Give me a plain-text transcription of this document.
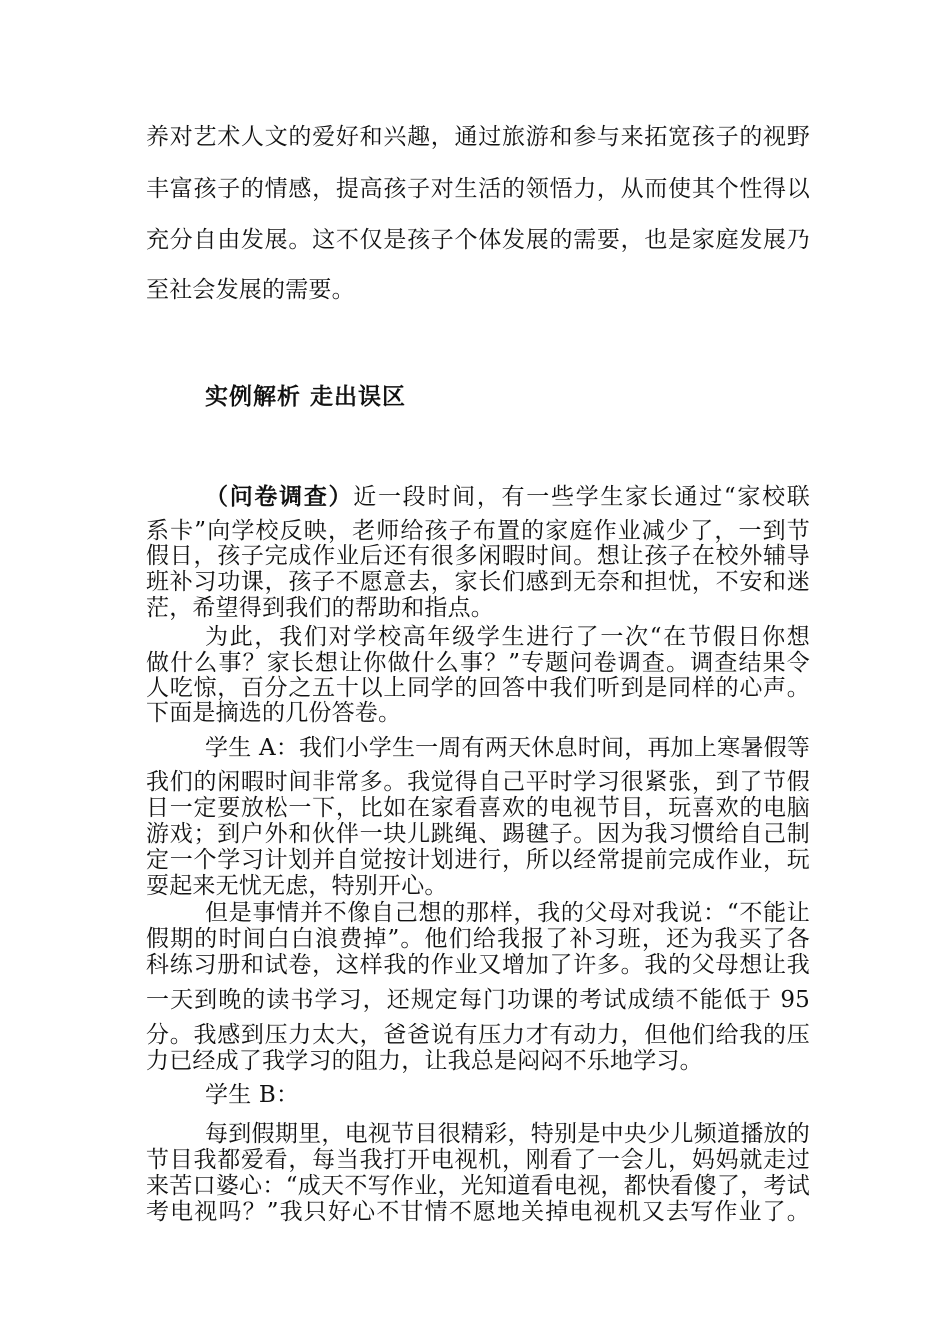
养对艺术人文的爱好和兴趣，通过旅游和参与来拓宽孩子的视野
丰富孩子的情感，提高孩子对生活的领悟力，从而使其个性得以
充分自由发展。这不仅是孩子个体发展的需要，也是家庭发展乃
至社会发展的需要。
实例解析 走出误区
（问卷调查）近一段时间，有一些学生家长通过“家校联
系卡”向学校反映，老师给孩子布置的家庭作业减少了，一到节
假日，孩子完成作业后还有很多闲暇时间。想让孩子在校外辅导
班补习功课，孩子不愿意去，家长们感到无奈和担忧，不安和迷
茫，希望得到我们的帮助和指点。
为此，我们对学校高年级学生进行了一次“在节假日你想
做什么事？家长想让你做什么事？”专题问卷调查。调查结果令
人吃惊，百分之五十以上同学的回答中我们听到是同样的心声。
下面是摘选的几份答卷。
学生 A：我们小学生一周有两天休息时间，再加上寒暑假等
我们的闲暇时间非常多。我觉得自己平时学习很紧张，到了节假
日一定要放松一下，比如在家看喜欢的电视节目，玩喜欢的电脑
游戏；到户外和伙伴一块儿跳绳、踢毽子。因为我习惯给自己制
定一个学习计划并自觉按计划进行，所以经常提前完成作业，玩
耍起来无忧无虑，特别开心。
但是事情并不像自己想的那样，我的父母对我说：“不能让
假期的时间白白浪费掉”。他们给我报了补习班，还为我买了各
科练习册和试卷，这样我的作业又增加了许多。我的父母想让我
一天到晚的读书学习，还规定每门功课的考试成绩不能低于 95
分。我感到压力太大，爸爸说有压力才有动力，但他们给我的压
力已经成了我学习的阻力，让我总是闷闷不乐地学习。
学生 B：
每到假期里，电视节目很精彩，特别是中央少儿频道播放的
节目我都爱看，每当我打开电视机，刚看了一会儿，妈妈就走过
来苦口婆心：“成天不写作业，光知道看电视，都快看傻了，考试
考电视吗？”我只好心不甘情不愿地关掉电视机又去写作业了。
